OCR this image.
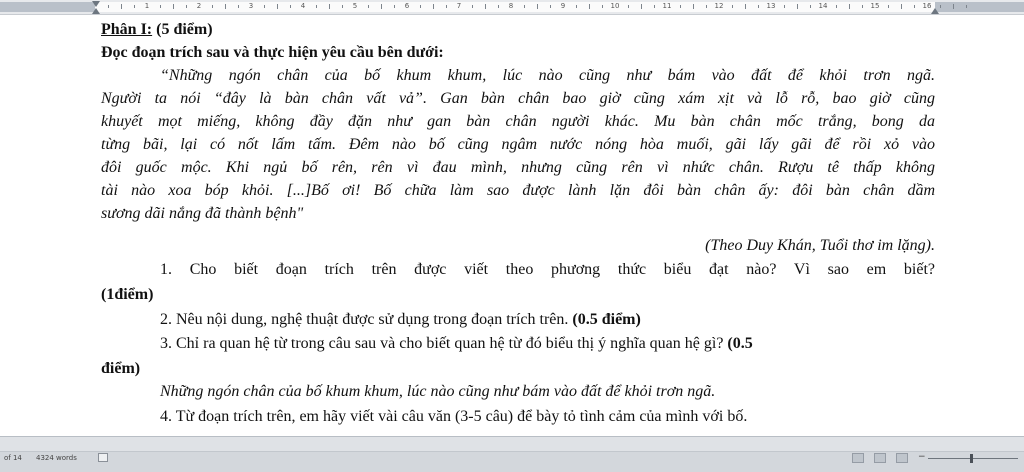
1	2	3	4	5	6	7	8	9	10	11	12	13	14	15	16
Phân I: (5 điểm)
Đọc đoạn trích sau và thực hiện yêu cầu bên dưới:
“Những ngón chân của bố khum khum, lúc nào cũng như bám vào đất để khỏi trơn ngã.
Người ta nói “đây là bàn chân vất vả”. Gan bàn chân bao giờ cũng xám xịt và lỗ rỗ, bao giờ cũng
khuyết mọt miếng, không đầy đặn như gan bàn chân người khác. Mu bàn chân mốc trắng, bong da
từng bãi, lại có nốt lấm tấm. Đêm nào bố cũng ngâm nước nóng hòa muối, gãi lấy gãi để rồi xỏ vào
đôi guốc mộc. Khi ngủ bố rên, rên vì đau mình, nhưng cũng rên vì nhức chân. Rượu tê thấp không
tài nào xoa bóp khỏi. [...]Bố ơi! Bố chữa làm sao được lành lặn đôi bàn chân ấy: đôi bàn chân dầm
sương dãi nắng đã thành bệnh"
(Theo Duy Khán, Tuổi thơ im lặng).
1. Cho biết đoạn trích trên được viết theo phương thức biểu đạt nào? Vì sao em biết?
(1điểm)
2. Nêu nội dung, nghệ thuật được sử dụng trong đoạn trích trên. (0.5 điểm)
3. Chỉ ra quan hệ từ trong câu sau và cho biết quan hệ từ đó biểu thị ý nghĩa quan hệ gì? (0.5
điểm)
Những ngón chân của bố khum khum, lúc nào cũng như bám vào đất để khỏi trơn ngã.
4. Từ đoạn trích trên, em hãy viết vài câu văn (3-5 câu) để bày tỏ tình cảm của mình với bố.
of 14 4324 words	−
